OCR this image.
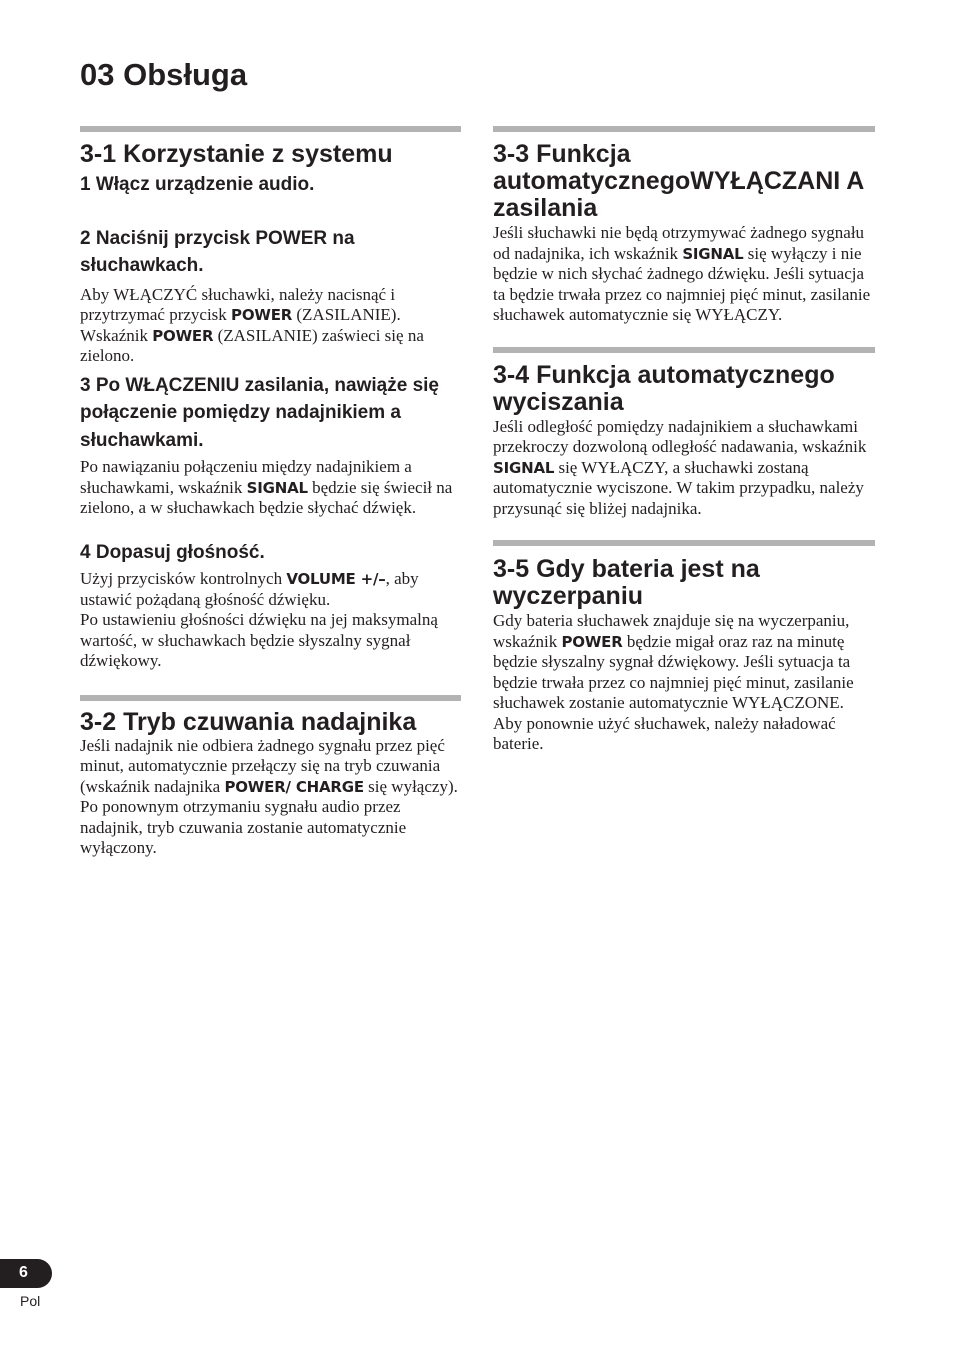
03 Obsługa
3-1 Korzystanie z systemu
1 Włącz urządzenie audio.
2 Naciśnij przycisk POWER na słuchawkach.

Aby WŁĄCZYĆ słuchawki, należy nacisnąć i przytrzymać przycisk POWER (ZASILANIE). Wskaźnik POWER (ZASILANIE) zaświeci się na zielono.

3 Po WŁĄCZENIU zasilania, nawiąże się połączenie pomiędzy nadajnikiem a słuchawkami.

Po nawiązaniu połączeniu między nadajnikiem a słuchawkami, wskaźnik SIGNAL będzie się świecił na zielono, a w słuchawkach będzie słychać dźwięk.

4 Dopasuj głośność.

Użyj przycisków kontrolnych VOLUME +/–, aby ustawić pożądaną głośność dźwięku.

Po ustawieniu głośności dźwięku na jej maksymalną wartość, w słuchawkach będzie słyszalny sygnał dźwiękowy.

3-2 Tryb czuwania nadajnika

Jeśli nadajnik nie odbiera żadnego sygnału przez pięć minut, automatycznie przełączy się na tryb czuwania (wskaźnik nadajnika POWER/ CHARGE się wyłączy). Po ponownym otrzymaniu sygnału audio przez nadajnik, tryb czuwania zostanie automatycznie wyłączony.

3-3 Funkcja automatycznegoWYŁĄCZANI A zasilania

Jeśli słuchawki nie będą otrzymywać żadnego sygnału od nadajnika, ich wskaźnik SIGNAL się wyłączy i nie będzie w nich słychać żadnego dźwięku. Jeśli sytuacja ta będzie trwała przez co najmniej pięć minut, zasilanie słuchawek automatycznie się WYŁĄCZY.

3-4 Funkcja automatycznego wyciszania

Jeśli odległość pomiędzy nadajnikiem a słuchawkami przekroczy dozwoloną odległość nadawania, wskaźnik SIGNAL się WYŁĄCZY, a słuchawki zostaną automatycznie wyciszone. W takim przypadku, należy przysunąć się bliżej nadajnika.

3-5 Gdy bateria jest na wyczerpaniu

Gdy bateria słuchawek znajduje się na wyczerpaniu, wskaźnik POWER będzie migał oraz raz na minutę będzie słyszalny sygnał dźwiękowy. Jeśli sytuacja ta będzie trwała przez co najmniej pięć minut, zasilanie słuchawek zostanie automatycznie WYŁĄCZONE. Aby ponownie użyć słuchawek, należy naładować baterie.

6
Pol
